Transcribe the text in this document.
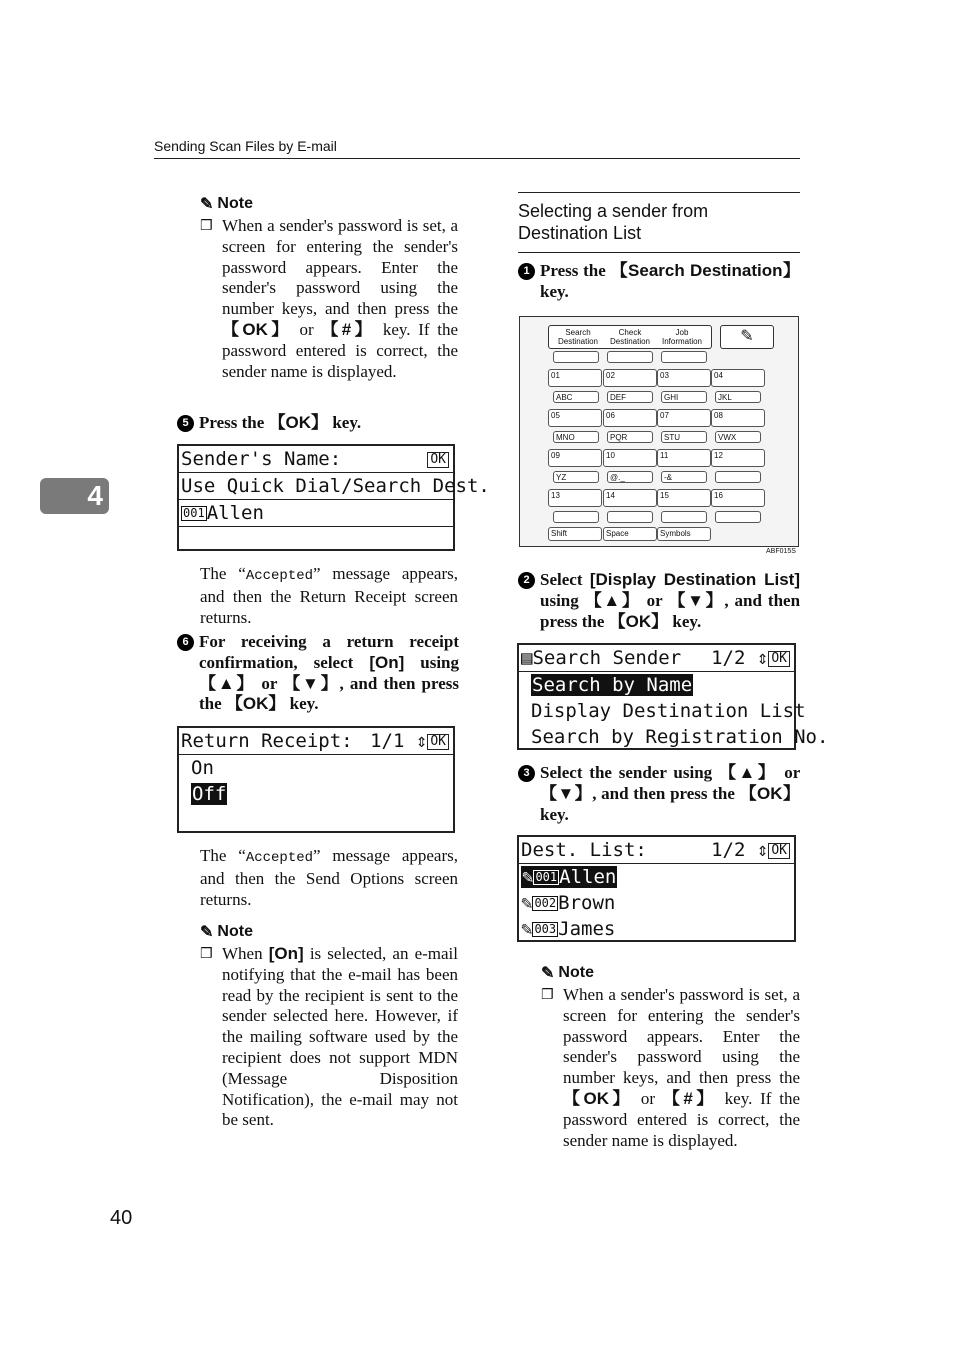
Sending Scan Files by E-mail
4
40
✎ Note
❒ When a sender's password is set, a screen for entering the sender's password appears. Enter the sender's password using the number keys, and then press the 【OK】 or 【#】 key. If the password entered is correct, the sender name is displayed.
5 Press the 【OK】 key.
Sender's Name:	OK
Use Quick Dial/Search Dest.
001 Allen
The “Accepted” message appears, and then the Return Receipt screen returns.
6 For receiving a return receipt confirmation, select [On] using 【▲】 or 【▼】, and then press the 【OK】 key.
Return Receipt: 1/1 ⇕ OK
On
Off
The “Accepted” message appears, and then the Send Options screen returns.
✎ Note
❒ When [On] is selected, an e-mail notifying that the e-mail has been read by the recipient is sent to the sender selected here. However, if the mailing software used by the recipient does not support MDN (Message Disposition Notification), the e-mail may not be sent.
Selecting a sender from Destination List
1 Press the 【Search Destination】 key.
Search Destination
Check Destination
Job Information	✎
01	02	03	04
ABC	DEF	GHI	JKL
05	06	07	08
MNO	PQR	STU	VWX
09	10	11	12
YZ	@._	-&
13	14	15	16
Shift	Space	Symbols
ABF015S
2 Select [Display Destination List] using 【▲】 or 【▼】, and then press the 【OK】 key.
▤Search Sender 1/2 ⇕ OK
Search by Name
Display Destination List
Search by Registration No.
3 Select the sender using 【▲】 or 【▼】, and then press the 【OK】 key.
Dest. List:	1/2 ⇕ OK
✎ 001 Allen
✎ 002 Brown
✎ 003 James
✎ Note
❒ When a sender's password is set, a screen for entering the sender's password appears. Enter the sender's password using the number keys, and then press the 【OK】 or 【#】 key. If the password entered is correct, the sender name is displayed.
